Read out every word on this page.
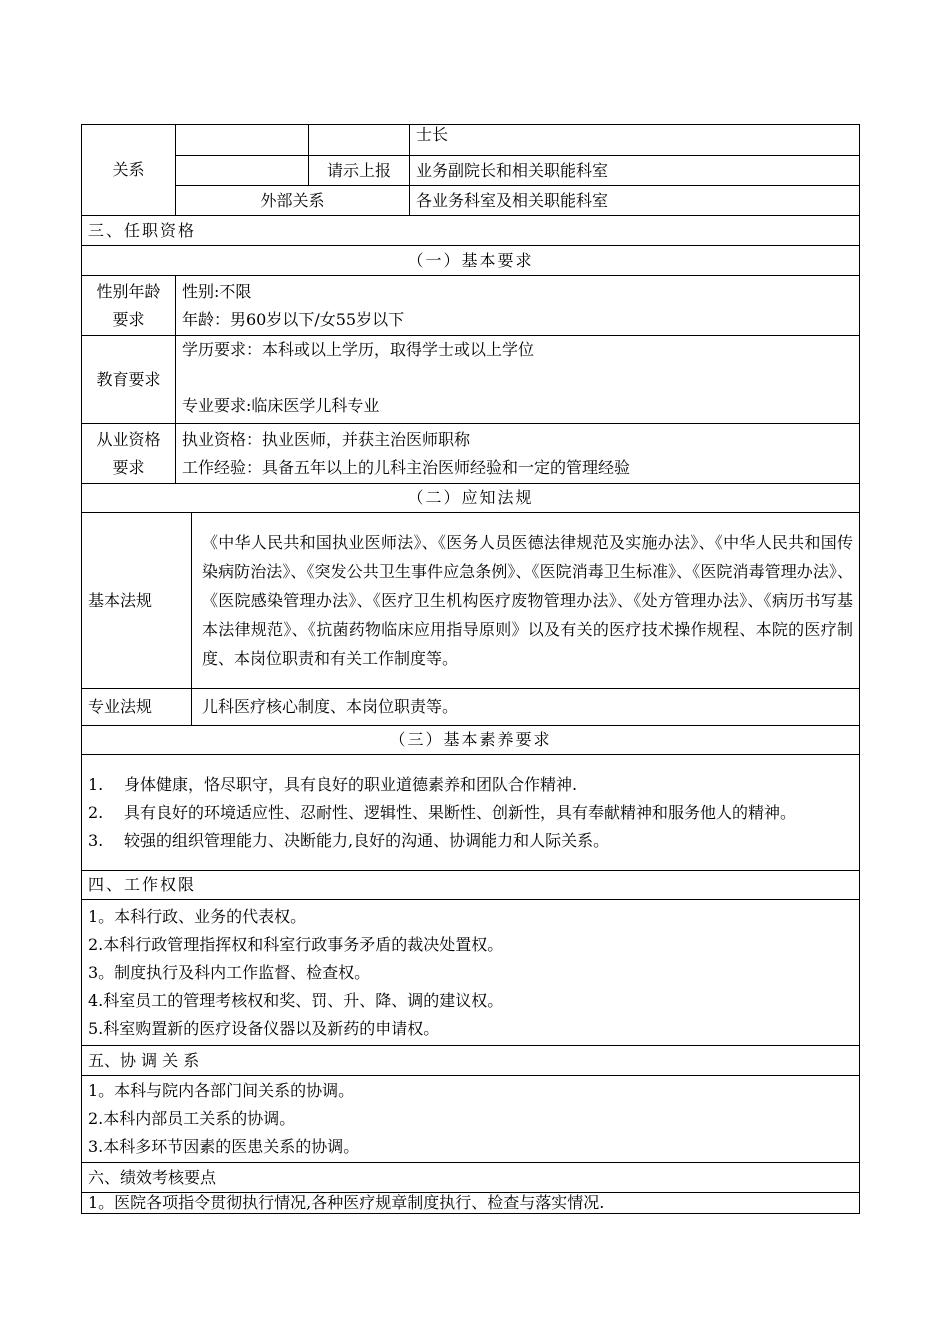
关系				士长
			请示上报	业务副院长和相关职能科室
	外部关系			各业务科室及相关职能科室
三、任职资格				
（一）基本要求				

性别年龄
要求	性别:不限
年龄：男60岁以下/女55岁以下			

教育要求	学历要求：本科或以上学历，取得学士或以上学位
专业要求:临床医学儿科专业			

从业资格
要求	执业资格：执业医师，并获主治医师职称
工作经验：具备五年以上的儿科主治医师经验和一定的管理经验			

（二）应知法规				
基本法规		《中华人民共和国执业医师法》、《医务人员医德法律规范及实施办法》、《中华人民共和国传染病防治法》、《突发公共卫生事件应急条例》、《医院消毒卫生标准》、《医院消毒管理办法》、《医院感染管理办法》、《医疗卫生机构医疗废物管理办法》、《处方管理办法》、《病历书写基本法律规范》、《抗菌药物临床应用指导原则》以及有关的医疗技术操作规程、本院的医疗制度、本岗位职责和有关工作制度等。		
专业法规		儿科医疗核心制度、本岗位职责等。		
（三）基本素养要求				

1. 身体健康，恪尽职守，具有良好的职业道德素养和团队合作精神.
2. 具有良好的环境适应性、忍耐性、逻辑性、果断性、创新性，具有奉献精神和服务他人的精神。
3. 较强的组织管理能力、决断能力,良好的沟通、协调能力和人际关系。				

四、工作权限				

1。本科行政、业务的代表权。
2.本科行政管理指挥权和科室行政事务矛盾的裁决处置权。
3。制度执行及科内工作监督、检查权。
4.科室员工的管理考核权和奖、罚、升、降、调的建议权。
5.科室购置新的医疗设备仪器以及新药的申请权。				

五、协 调 关 系				

1。本科与院内各部门间关系的协调。
2.本科内部员工关系的协调。
3.本科多环节因素的医患关系的协调。				

六、绩效考核要点				

1。医院各项指令贯彻执行情况,各种医疗规章制度执行、检查与落实情况.				
